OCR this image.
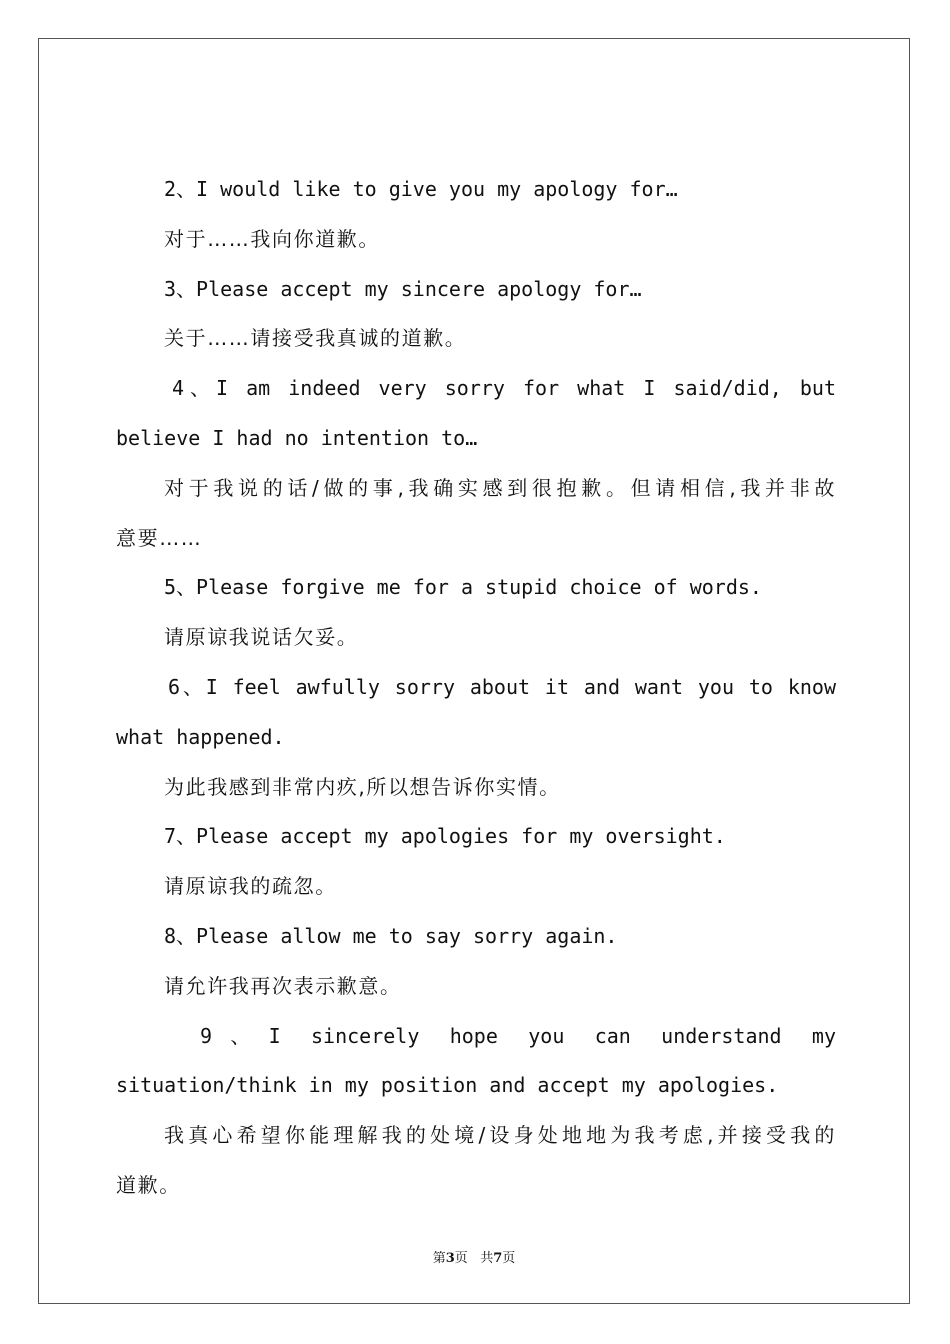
2、I would like to give you my apology for…
对于……我向你道歉。
3、Please accept my sincere apology for…
关于……请接受我真诚的道歉。
4、I am indeed very sorry for what I said/did, but
believe I had no intention to…
对于我说的话/做的事,我确实感到很抱歉。但请相信,我并非故
意要……
5、Please forgive me for a stupid choice of words.
请原谅我说话欠妥。
6、I feel awfully sorry about it and want you to know
what happened.
为此我感到非常内疚,所以想告诉你实情。
7、Please accept my apologies for my oversight.
请原谅我的疏忽。
8、Please allow me to say sorry again.
请允许我再次表示歉意。
9、I sincerely hope you can understand my
situation/think in my position and accept my apologies.
我真心希望你能理解我的处境/设身处地地为我考虑,并接受我的
道歉。
第3页 共7页
